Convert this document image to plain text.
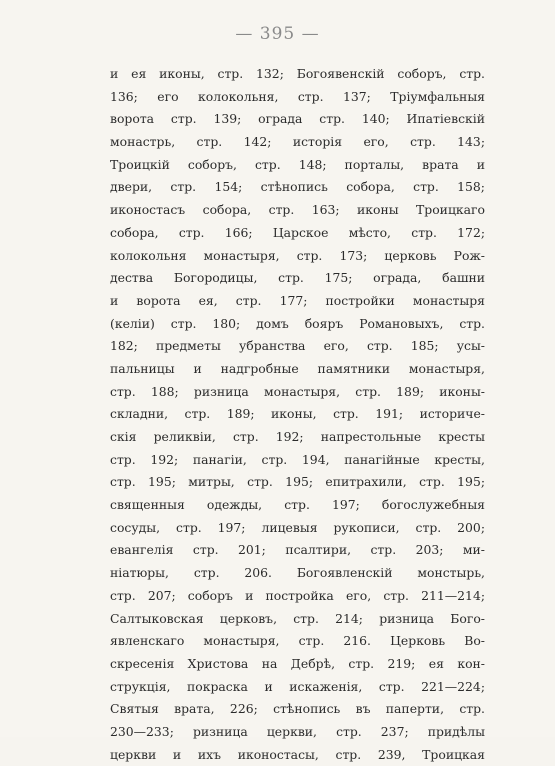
— 395 —
и ея иконы, стр. 132; Богоявенскій соборъ, стр.
136; его колокольня, стр. 137; Тріумфальныя
ворота стр. 139; ограда стр. 140; Ипатіевскій
монастрь, стр. 142; исторія его, стр. 143;
Троицкій соборъ, стр. 148; порталы, врата и
двери, стр. 154; стѣнопись собора, стр. 158;
иконостасъ собора, стр. 163; иконы Троицкаго
собора, стр. 166; Царское мѣсто, стр. 172;
колокольня монастыря, стр. 173; церковь Рож-
дества Богородицы, стр. 175; ограда, башни
и ворота ея, стр. 177; постройки монастыря
(келіи) стр. 180; домъ бояръ Романовыхъ, стр.
182; предметы убранства его, стр. 185; усы-
пальницы и надгробные памятники монастыря,
стр. 188; ризница монастыря, стр. 189; иконы-
складни, стр. 189; иконы, стр. 191; историче-
скія реликвіи, стр. 192; напрестольные кресты
стр. 192; панагіи, стр. 194, панагійные кресты,
стр. 195; митры, стр. 195; епитрахили, стр. 195;
священныя одежды, стр. 197; богослужебныя
сосуды, стр. 197; лицевыя рукописи, стр. 200;
евангелія стр. 201; псалтири, стр. 203; ми-
ніатюры, стр. 206. Богоявленскій монстырь,
стр. 207; соборъ и постройка его, стр. 211—214;
Салтыковская церковъ, стр. 214; ризница Бого-
явленскаго монастыря, стр. 216. Церковь Во-
скресенія Христова на Дебрѣ, стр. 219; ея кон-
струкція, покраска и искаженія, стр. 221—224;
Святыя врата, 226; стѣнопись въ паперти, стр.
230—233; ризница церкви, стр. 237; придѣлы
церкви и ихъ иконостасы, стр. 239, Троицкая
